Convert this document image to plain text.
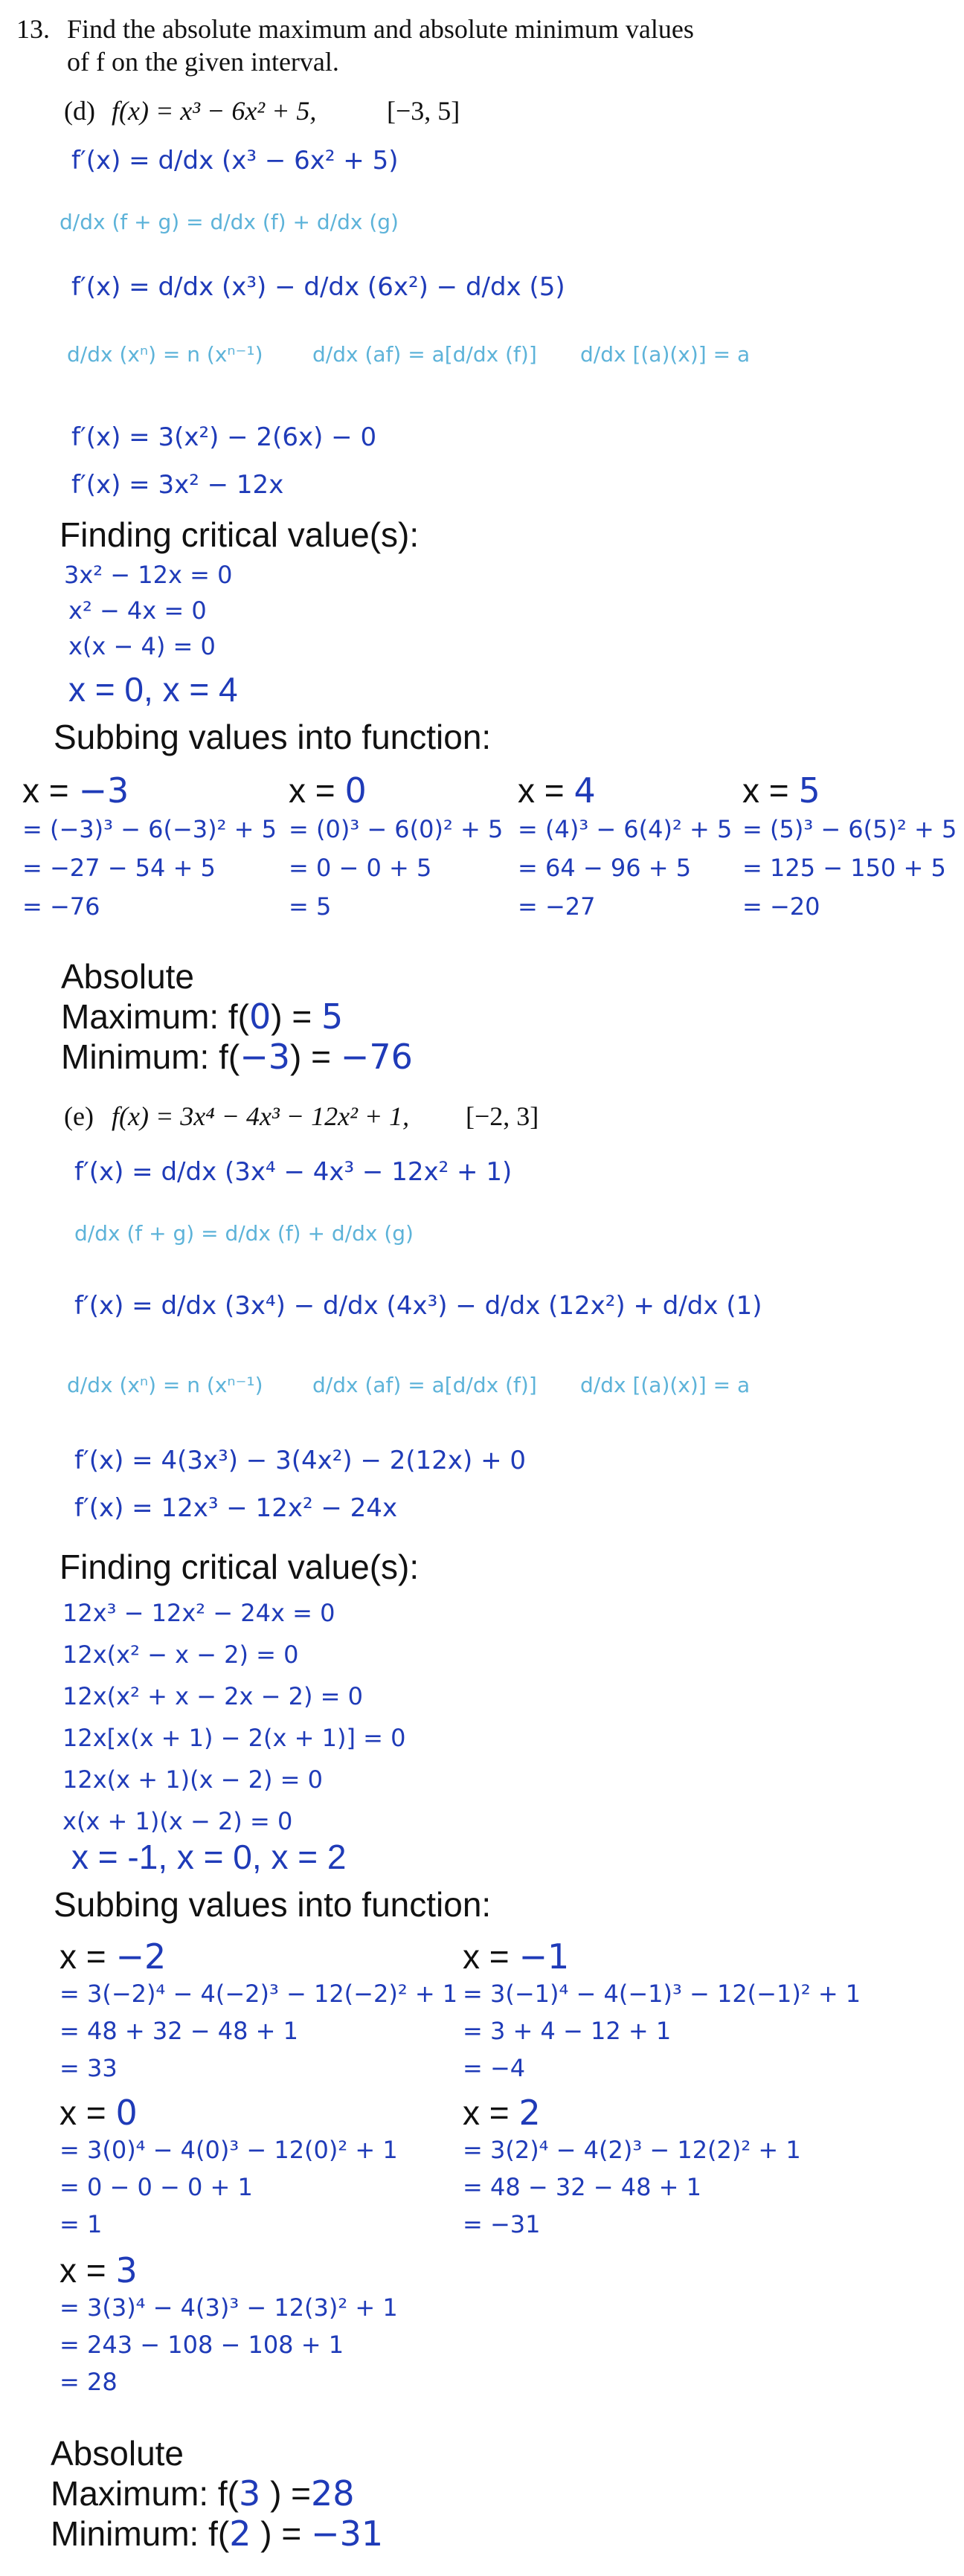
13. Find the absolute maximum and absolute minimum values
of f on the given interval.
(d) f(x) = x³ − 6x² + 5,	[−3, 5]
f′(x) = d/dx (x³ − 6x² + 5)
d/dx (f + g) = d/dx (f) + d/dx (g)
f′(x) = d/dx (x³) − d/dx (6x²) − d/dx (5)
d/dx (xⁿ) = n (xⁿ⁻¹) d/dx (af) = a[d/dx (f)] d/dx [(a)(x)] = a
f′(x) = 3(x²) − 2(6x) − 0
f′(x) = 3x² − 12x
Finding critical value(s):
3x² − 12x = 0
x² − 4x = 0
x(x − 4) = 0
x = 0, x = 4
Subbing values into function:
x = −3
= (−3)³ − 6(−3)² + 5
= −27 − 54 + 5
= −76
x = 0
= (0)³ − 6(0)² + 5
= 0 − 0 + 5
= 5
x = 4
= (4)³ − 6(4)² + 5
= 64 − 96 + 5
= −27
x = 5
= (5)³ − 6(5)² + 5
= 125 − 150 + 5
= −20
Absolute
Maximum: f(0) = 5
Minimum: f(−3) = −76
(e) f(x) = 3x⁴ − 4x³ − 12x² + 1, [−2, 3]
f′(x) = d/dx (3x⁴ − 4x³ − 12x² + 1)
d/dx (f + g) = d/dx (f) + d/dx (g)
f′(x) = d/dx (3x⁴) − d/dx (4x³) − d/dx (12x²) + d/dx (1)
d/dx (xⁿ) = n (xⁿ⁻¹) d/dx (af) = a[d/dx (f)] d/dx [(a)(x)] = a
f′(x) = 4(3x³) − 3(4x²) − 2(12x) + 0
f′(x) = 12x³ − 12x² − 24x
Finding critical value(s):
12x³ − 12x² − 24x = 0
12x(x² − x − 2) = 0
12x(x² + x − 2x − 2) = 0
12x[x(x + 1) − 2(x + 1)] = 0
12x(x + 1)(x − 2) = 0
x(x + 1)(x − 2) = 0
x = -1, x = 0, x = 2
Subbing values into function:
x = −2
= 3(−2)⁴ − 4(−2)³ − 12(−2)² + 1
= 48 + 32 − 48 + 1
= 33
x = −1
= 3(−1)⁴ − 4(−1)³ − 12(−1)² + 1
= 3 + 4 − 12 + 1
= −4
x = 0
= 3(0)⁴ − 4(0)³ − 12(0)² + 1
= 0 − 0 − 0 + 1
= 1
x = 2
= 3(2)⁴ − 4(2)³ − 12(2)² + 1
= 48 − 32 − 48 + 1
= −31
x = 3
= 3(3)⁴ − 4(3)³ − 12(3)² + 1
= 243 − 108 − 108 + 1
= 28
Absolute
Maximum: f(3 ) =28
Minimum: f(2 ) = −31
